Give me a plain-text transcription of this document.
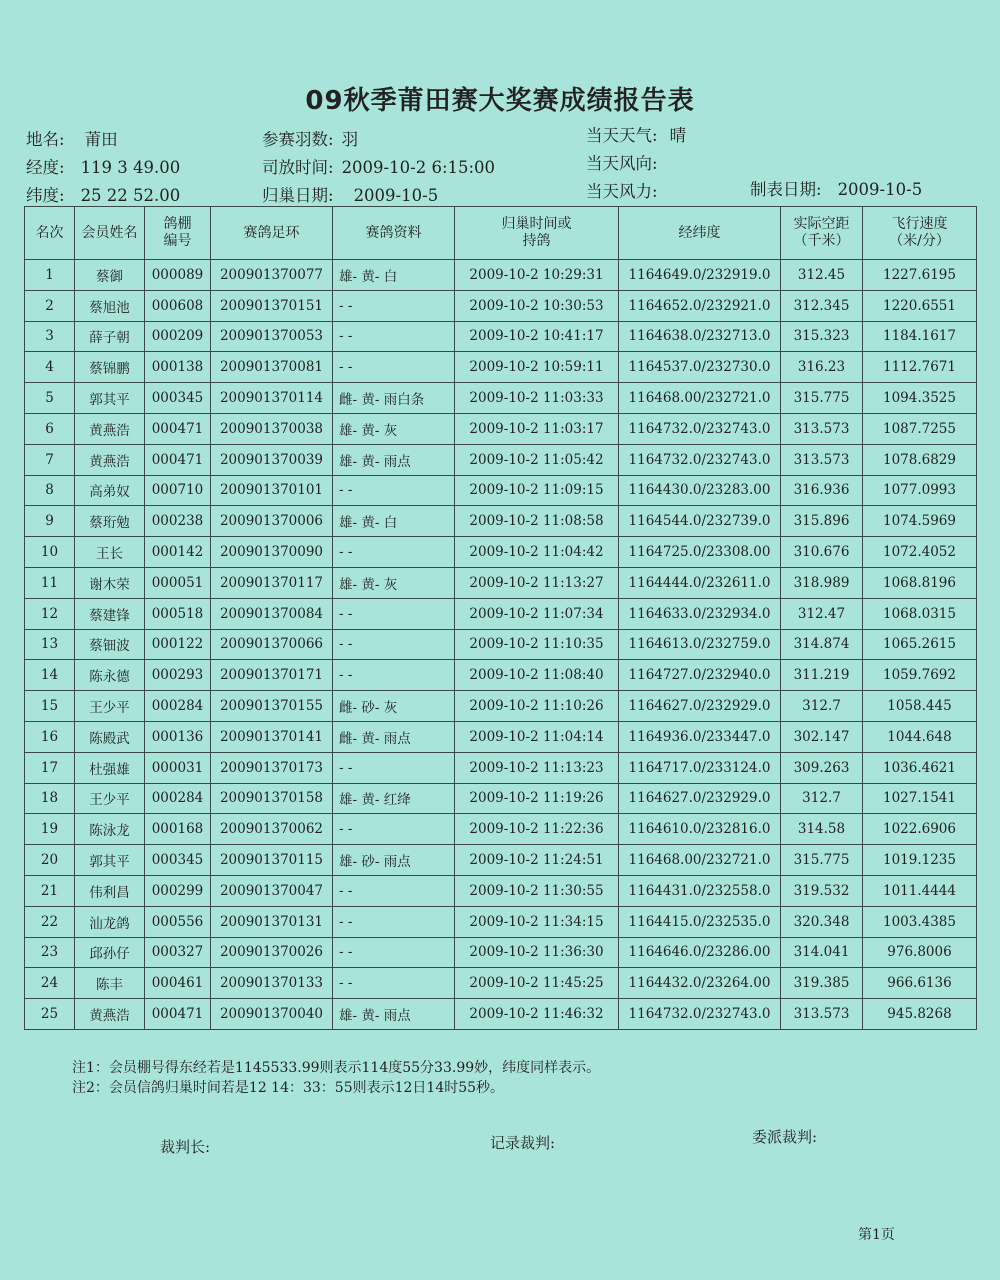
09秋季莆田赛大奖赛成绩报告表
地名: 莆田
经度: 119 3 49.00
纬度: 25 22 52.00
参赛羽数: 羽
司放时间: 2009-10-2 6:15:00
归巢日期: 2009-10-5
当天天气: 晴
当天风向:
当天风力:	制表日期: 2009-10-5
名次	会员姓名	鸽棚编号	赛鸽足环	赛鸽资料	归巢时间或持鸽	经纬度	实际空距（千米）	飞行速度（米/分）
1	蔡御	000089	200901370077	雄- 黄- 白	2009-10-2 10:29:31	1164649.0/232919.0	312.45	1227.6195
2	蔡旭池	000608	200901370151	- -	2009-10-2 10:30:53	1164652.0/232921.0	312.345	1220.6551
3	薛子朝	000209	200901370053	- -	2009-10-2 10:41:17	1164638.0/232713.0	315.323	1184.1617
4	蔡锦鹏	000138	200901370081	- -	2009-10-2 10:59:11	1164537.0/232730.0	316.23	1112.7671
5	郭其平	000345	200901370114	雌- 黄- 雨白条	2009-10-2 11:03:33	116468.00/232721.0	315.775	1094.3525
6	黄燕浩	000471	200901370038	雄- 黄- 灰	2009-10-2 11:03:17	1164732.0/232743.0	313.573	1087.7255
7	黄燕浩	000471	200901370039	雄- 黄- 雨点	2009-10-2 11:05:42	1164732.0/232743.0	313.573	1078.6829
8	高弟奴	000710	200901370101	- -	2009-10-2 11:09:15	1164430.0/23283.00	316.936	1077.0993
9	蔡珩勉	000238	200901370006	雄- 黄- 白	2009-10-2 11:08:58	1164544.0/232739.0	315.896	1074.5969
10	王长	000142	200901370090	- -	2009-10-2 11:04:42	1164725.0/23308.00	310.676	1072.4052
11	谢木荣	000051	200901370117	雄- 黄- 灰	2009-10-2 11:13:27	1164444.0/232611.0	318.989	1068.8196
12	蔡建锋	000518	200901370084	- -	2009-10-2 11:07:34	1164633.0/232934.0	312.47	1068.0315
13	蔡钿波	000122	200901370066	- -	2009-10-2 11:10:35	1164613.0/232759.0	314.874	1065.2615
14	陈永德	000293	200901370171	- -	2009-10-2 11:08:40	1164727.0/232940.0	311.219	1059.7692
15	王少平	000284	200901370155	雌- 砂- 灰	2009-10-2 11:10:26	1164627.0/232929.0	312.7	1058.445
16	陈殿武	000136	200901370141	雌- 黄- 雨点	2009-10-2 11:04:14	1164936.0/233447.0	302.147	1044.648
17	杜强雄	000031	200901370173	- -	2009-10-2 11:13:23	1164717.0/233124.0	309.263	1036.4621
18	王少平	000284	200901370158	雄- 黄- 红绛	2009-10-2 11:19:26	1164627.0/232929.0	312.7	1027.1541
19	陈泳龙	000168	200901370062	- -	2009-10-2 11:22:36	1164610.0/232816.0	314.58	1022.6906
20	郭其平	000345	200901370115	雄- 砂- 雨点	2009-10-2 11:24:51	116468.00/232721.0	315.775	1019.1235
21	伟利昌	000299	200901370047	- -	2009-10-2 11:30:55	1164431.0/232558.0	319.532	1011.4444
22	汕龙鸽	000556	200901370131	- -	2009-10-2 11:34:15	1164415.0/232535.0	320.348	1003.4385
23	邱孙仔	000327	200901370026	- -	2009-10-2 11:36:30	1164646.0/23286.00	314.041	976.8006
24	陈丰	000461	200901370133	- -	2009-10-2 11:45:25	1164432.0/23264.00	319.385	966.6136
25	黄燕浩	000471	200901370040	雄- 黄- 雨点	2009-10-2 11:46:32	1164732.0/232743.0	313.573	945.8268
注1：会员棚号得东经若是1145533.99则表示114度55分33.99妙，纬度同样表示。
注2：会员信鸽归巢时间若是12 14：33：55则表示12日14时55秒。
裁判长:	记录裁判:	委派裁判:
第1页
